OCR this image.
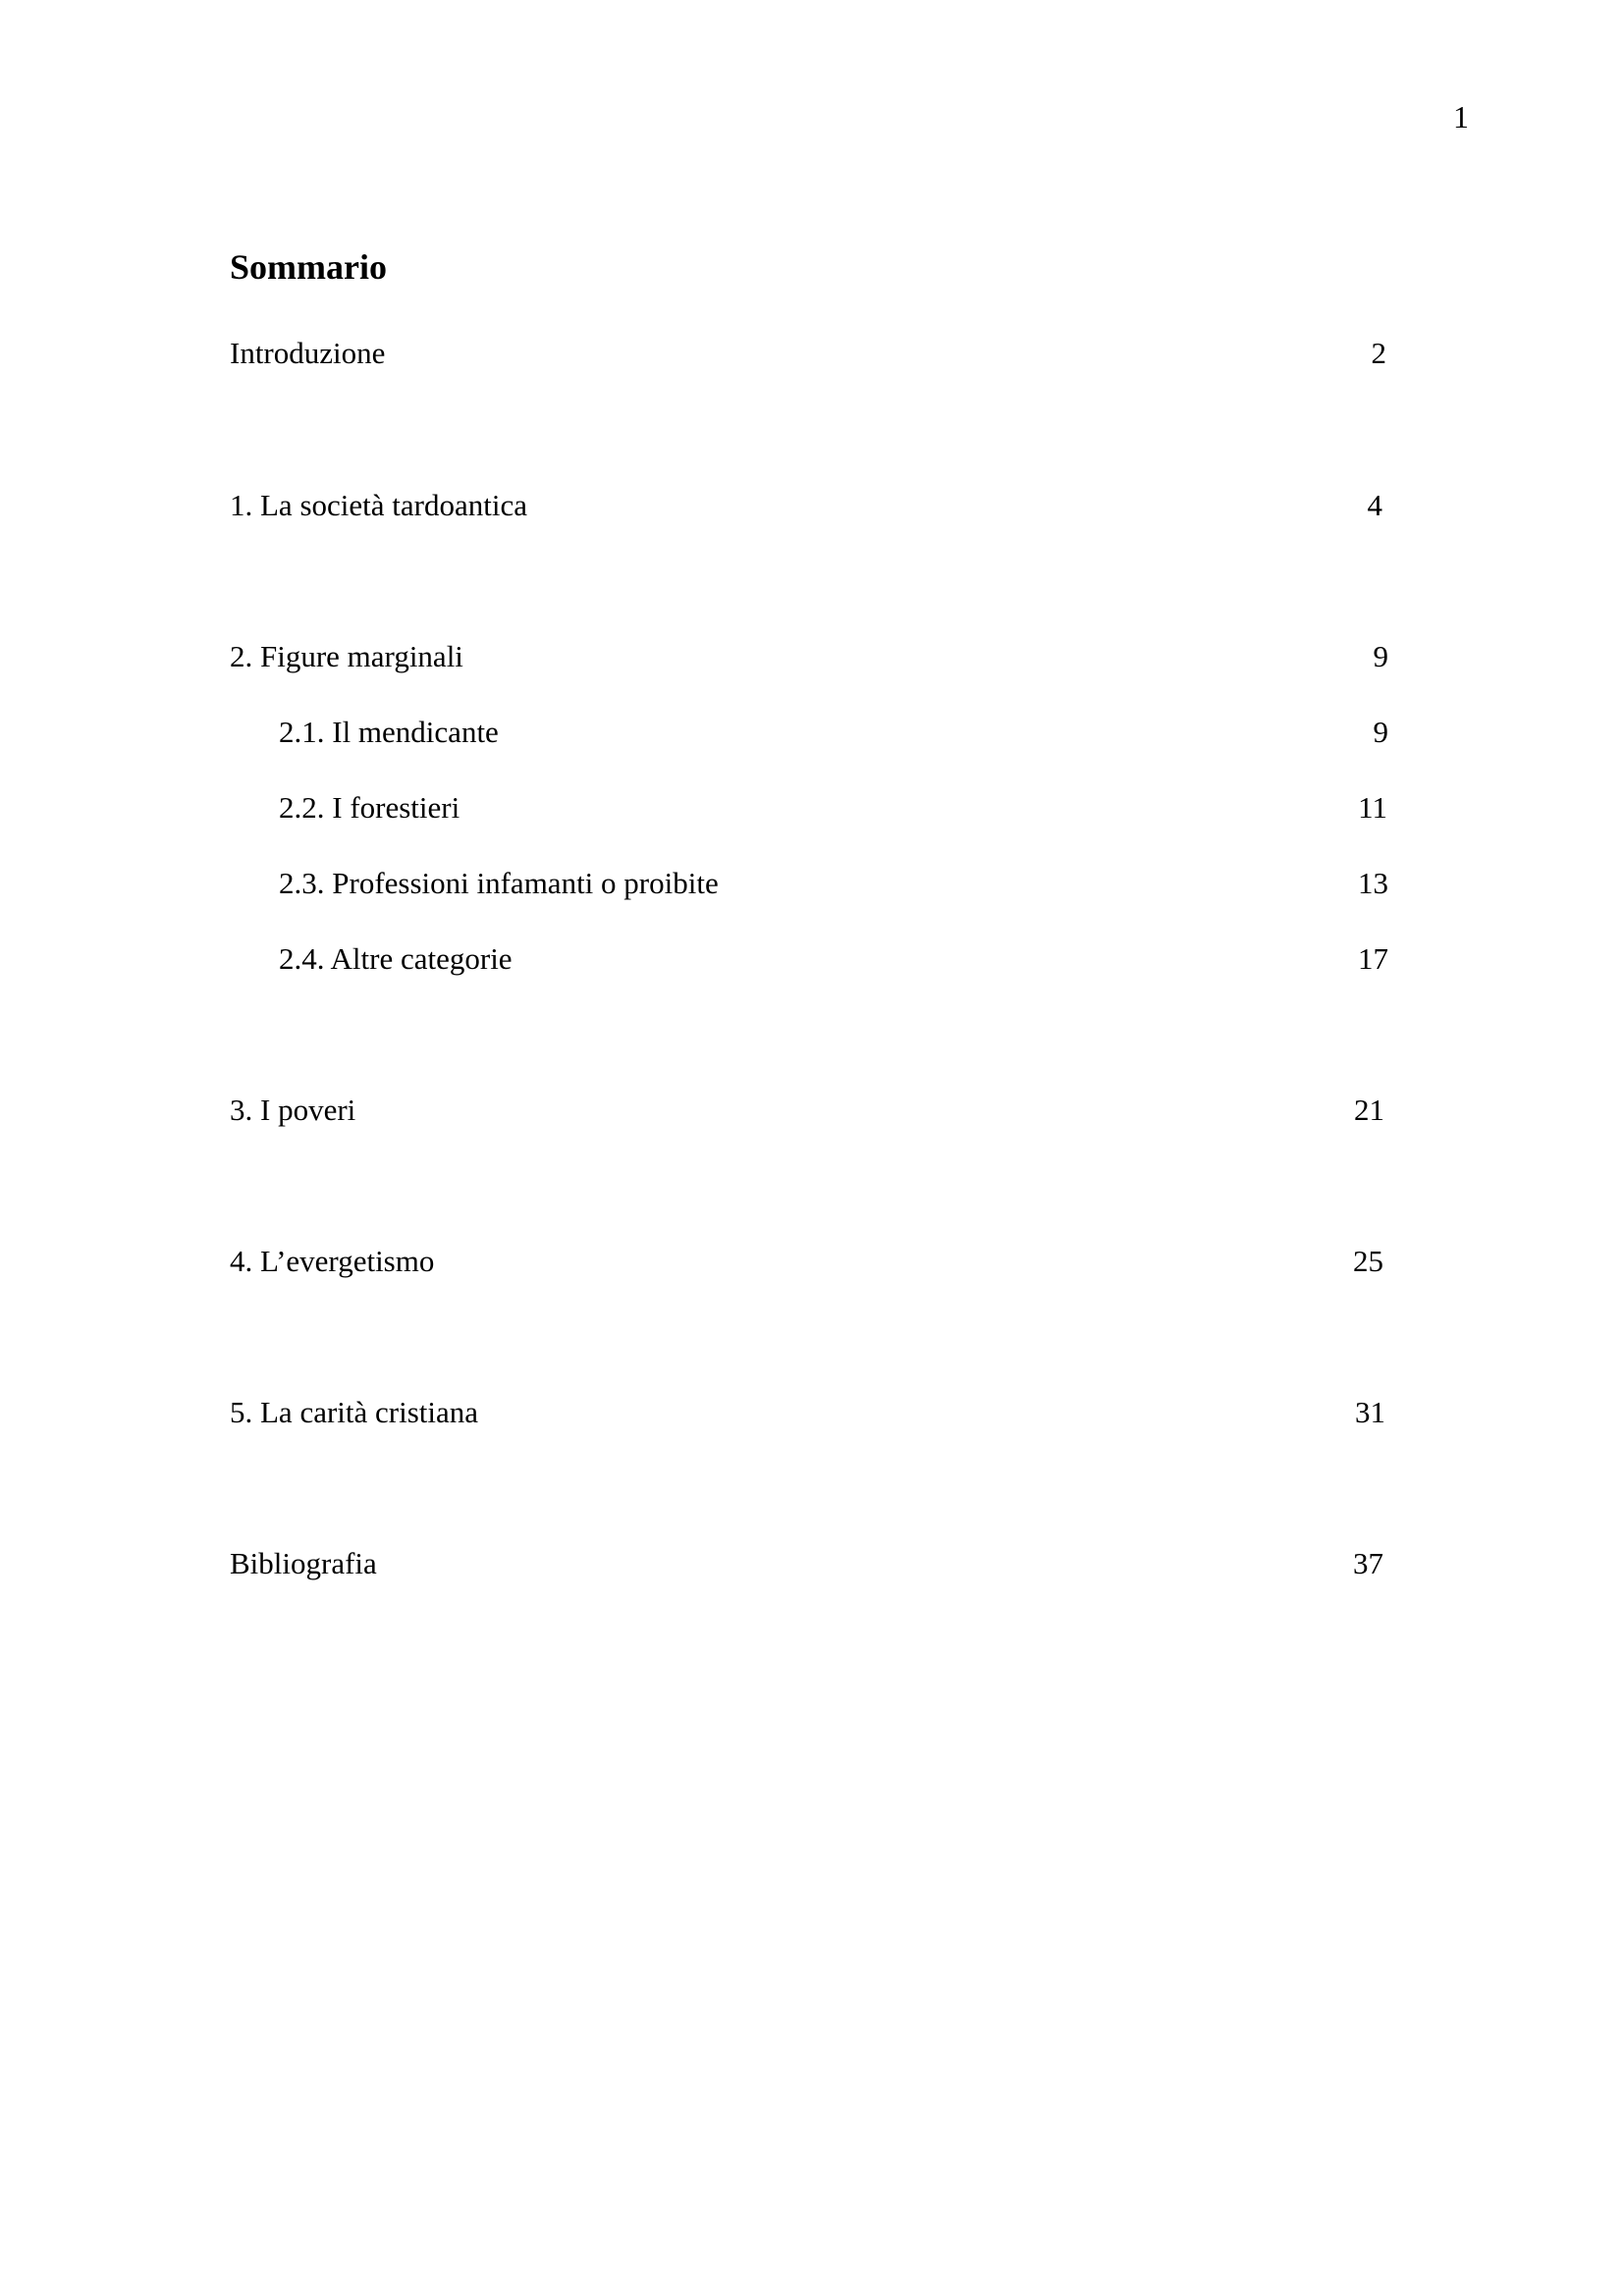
1
Sommario
Introduzione	2
1. La società tardoantica	4
2. Figure marginali	9
2.1. Il mendicante	9
2.2. I forestieri	11
2.3. Professioni infamanti o proibite	13
2.4. Altre categorie	17
3. I poveri	21
4. L’evergetismo	25
5. La carità cristiana	31
Bibliografia	37
